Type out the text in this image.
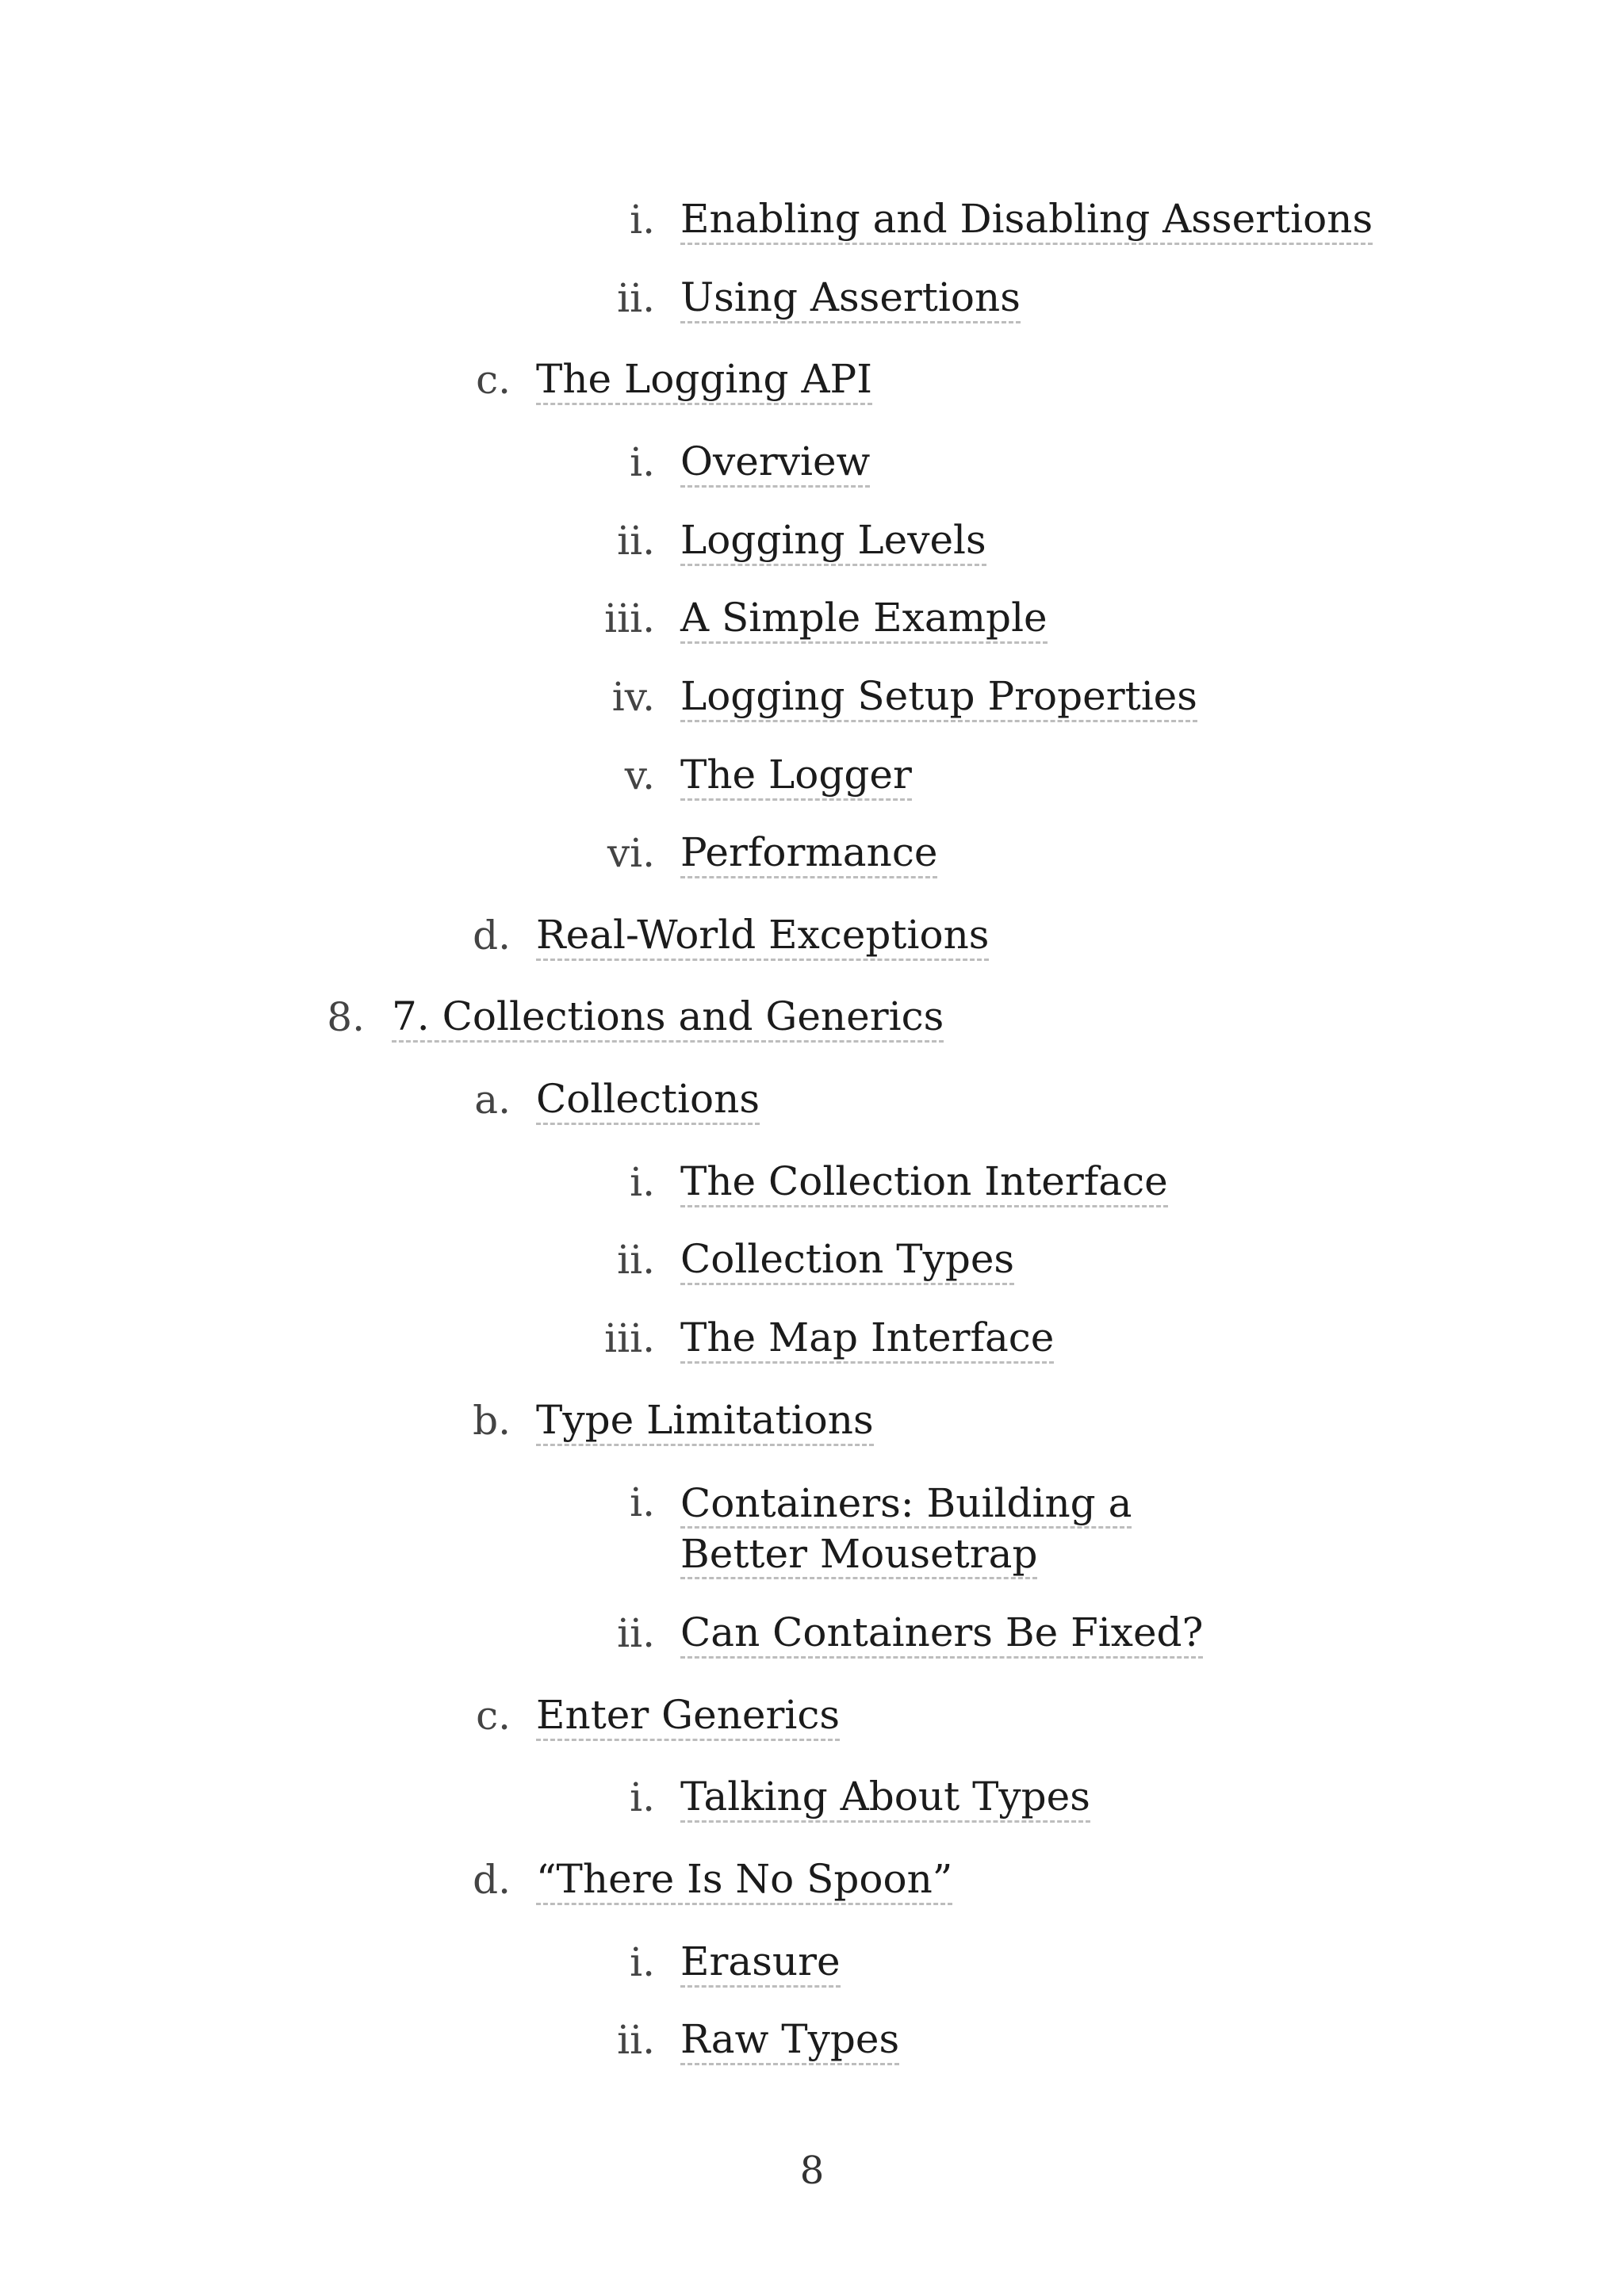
i. Enabling and Disabling Assertions
ii. Using Assertions
c. The Logging API
i. Overview
ii. Logging Levels
iii. A Simple Example
iv. Logging Setup Properties
v. The Logger
vi. Performance
d. Real-World Exceptions
8. 7. Collections and Generics
a. Collections
i. The Collection Interface
ii. Collection Types
iii. The Map Interface
b. Type Limitations
i. Containers: Building a Better Mousetrap
ii. Can Containers Be Fixed?
c. Enter Generics
i. Talking About Types
d. “There Is No Spoon”
i. Erasure
ii. Raw Types
8
